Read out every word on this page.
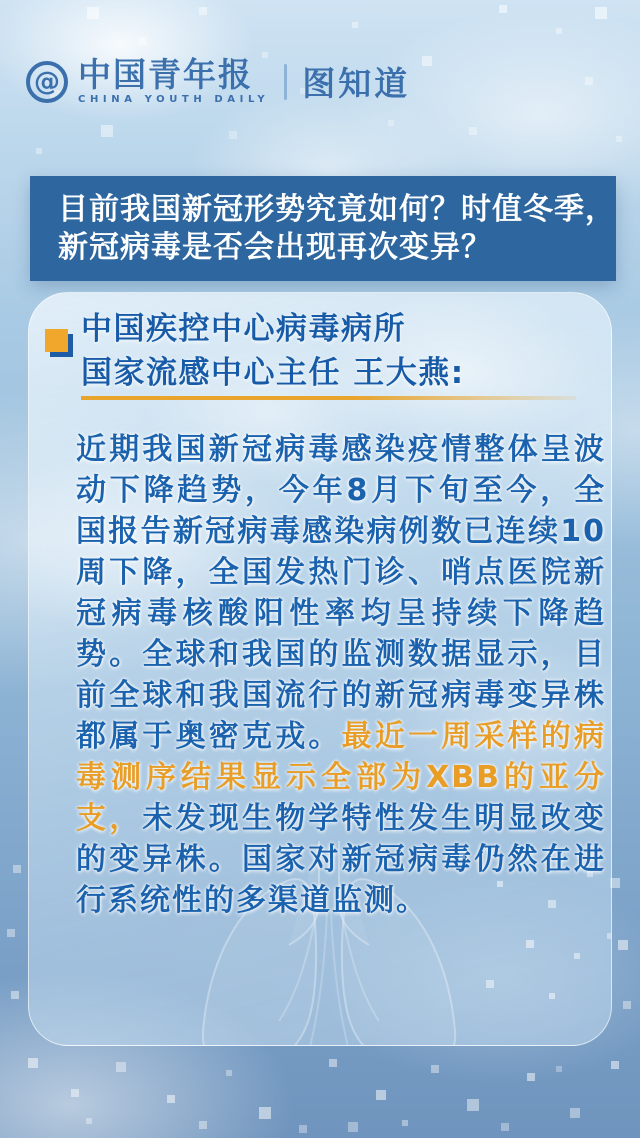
@ 中国青年报
CHINA YOUTH DAILY 图知道
目前我国新冠形势究竟如何？时值冬季，
新冠病毒是否会出现再次变异？
中国疾控中心病毒病所
国家流感中心主任 王大燕:
近期我国新冠病毒感染疫情整体呈波动下降趋势，今年8月下旬至今，全国报告新冠病毒感染病例数已连续10周下降，全国发热门诊、哨点医院新冠病毒核酸阳性率均呈持续下降趋势。全球和我国的监测数据显示，目前全球和我国流行的新冠病毒变异株都属于奥密克戎。最近一周采样的病毒测序结果显示全部为XBB的亚分支，未发现生物学特性发生明显改变的变异株。国家对新冠病毒仍然在进行系统性的多渠道监测。
